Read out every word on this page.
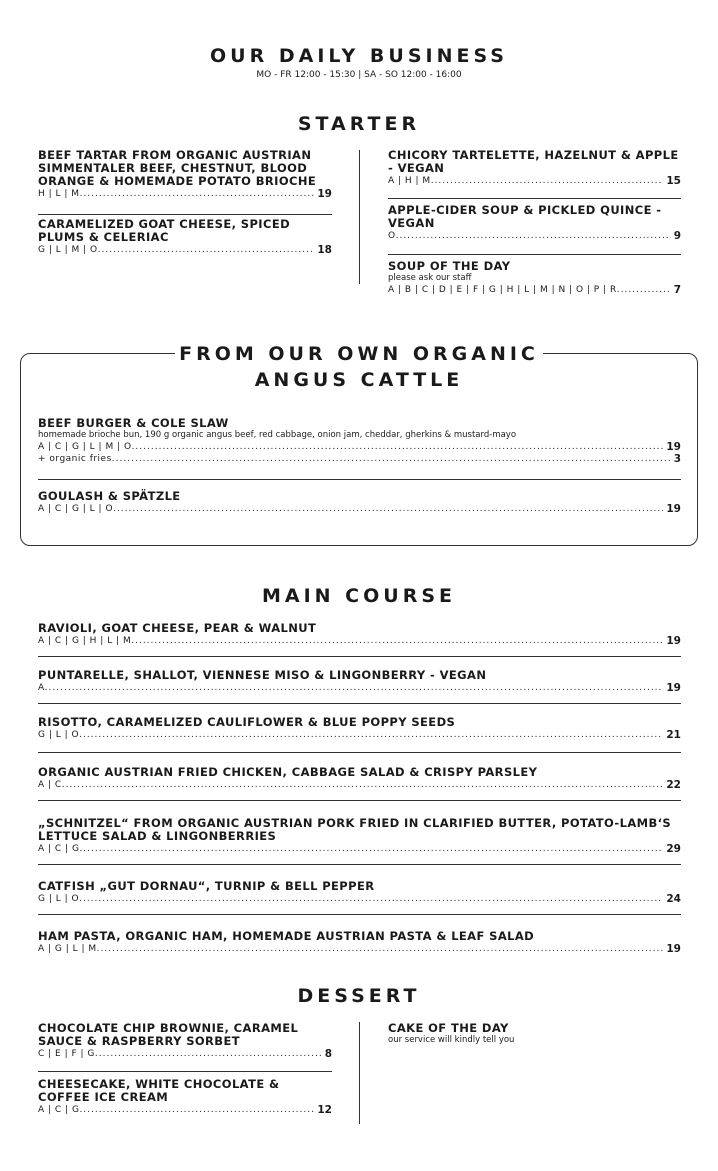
OUR DAILY BUSINESS
MO - FR 12:00 - 15:30 | SA - SO 12:00 - 16:00
STARTER
BEEF TARTAR FROM ORGANIC AUSTRIAN SIMMENTALER BEEF, CHESTNUT, BLOOD ORANGE & HOMEMADE POTATO BRIOCHE
H | L | M .....	19
CARAMELIZED GOAT CHEESE, SPICED PLUMS & CELERIAC
G | L | M | O .....	18
CHICORY TARTELETTE, HAZELNUT & APPLE - VEGAN
A | H | M .....	15
APPLE-CIDER SOUP & PICKLED QUINCE - VEGAN
O .....	9
SOUP OF THE DAY
please ask our staff
A | B | C | D | E | F | G | H | L | M | N | O | P | R .....	7
FROM OUR OWN ORGANIC
ANGUS CATTLE
BEEF BURGER & COLE SLAW
homemade brioche bun, 190 g organic angus beef, red cabbage, onion jam, cheddar, gherkins & mustard-mayo
A | C | G | L | M | O .....	19
+ organic fries .....	3
GOULASH & SPÄTZLE
A | C | G | L | O .....	19
MAIN COURSE
RAVIOLI, GOAT CHEESE, PEAR & WALNUT
A | C | G | H | L | M .....	19
PUNTARELLE, SHALLOT, VIENNESE MISO & LINGONBERRY - VEGAN
A .....	19
RISOTTO, CARAMELIZED CAULIFLOWER & BLUE POPPY SEEDS
G | L | O .....	21
ORGANIC AUSTRIAN FRIED CHICKEN, CABBAGE SALAD & CRISPY PARSLEY
A | C .....	22
„SCHNITZEL“ FROM ORGANIC AUSTRIAN PORK FRIED IN CLARIFIED BUTTER, POTATO-LAMB‘S LETTUCE SALAD & LINGONBERRIES
A | C | G .....	29
CATFISH „GUT DORNAU“, TURNIP & BELL PEPPER
G | L | O .....	24
HAM PASTA, ORGANIC HAM, HOMEMADE AUSTRIAN PASTA & LEAF SALAD
A | G | L | M .....	19
DESSERT
CHOCOLATE CHIP BROWNIE, CARAMEL SAUCE & RASPBERRY SORBET
C | E | F | G .....	8
CHEESECAKE, WHITE CHOCOLATE & COFFEE ICE CREAM
A | C | G .....	12
CAKE OF THE DAY
our service will kindly tell you
